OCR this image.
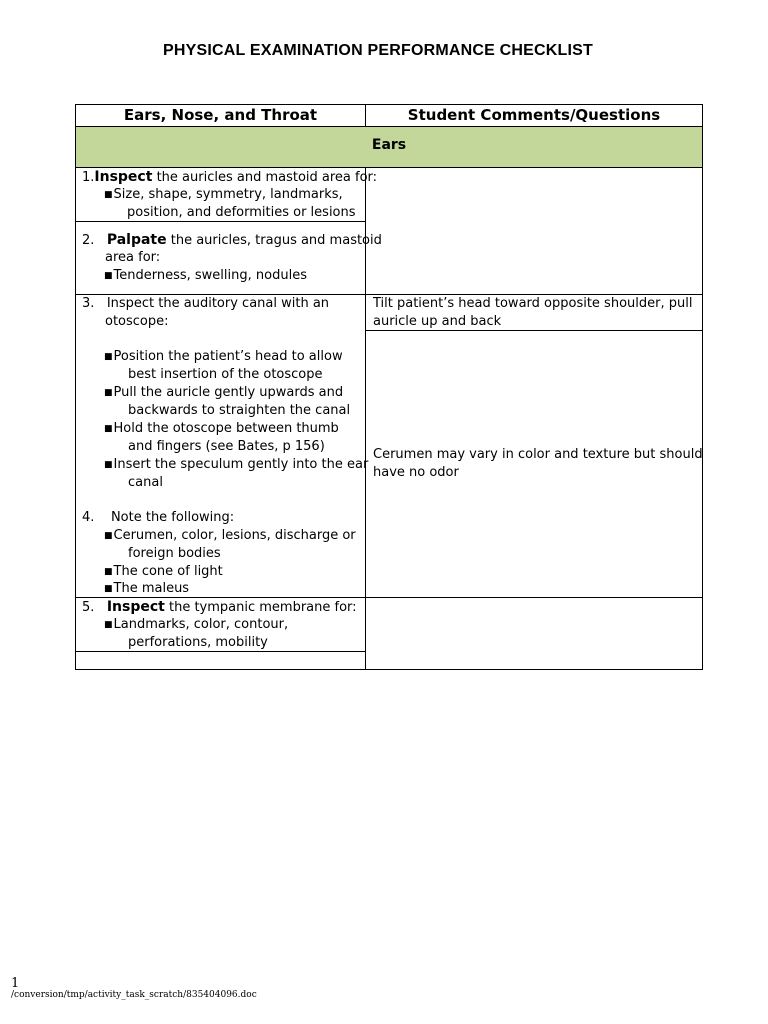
PHYSICAL EXAMINATION PERFORMANCE CHECKLIST
Ears, Nose, and Throat	Student Comments/Questions
Ears
1.Inspect the auricles and mastoid area for:
■Size, shape, symmetry, landmarks,
position, and deformities or lesions
2. Palpate the auricles, tragus and mastoid
area for:
■Tenderness, swelling, nodules
3. Inspect the auditory canal with an
otoscope:
■Position the patient’s head to allow
best insertion of the otoscope
■Pull the auricle gently upwards and
backwards to straighten the canal
■Hold the otoscope between thumb
and fingers (see Bates, p 156)
■Insert the speculum gently into the ear
canal
4. Note the following:
■Cerumen, color, lesions, discharge or
foreign bodies
■The cone of light
■The maleus
5. Inspect the tympanic membrane for:
■Landmarks, color, contour,
perforations, mobility
Tilt patient’s head toward opposite shoulder, pull
auricle up and back
Cerumen may vary in color and texture but should
have no odor
1
/conversion/tmp/activity_task_scratch/835404096.doc
